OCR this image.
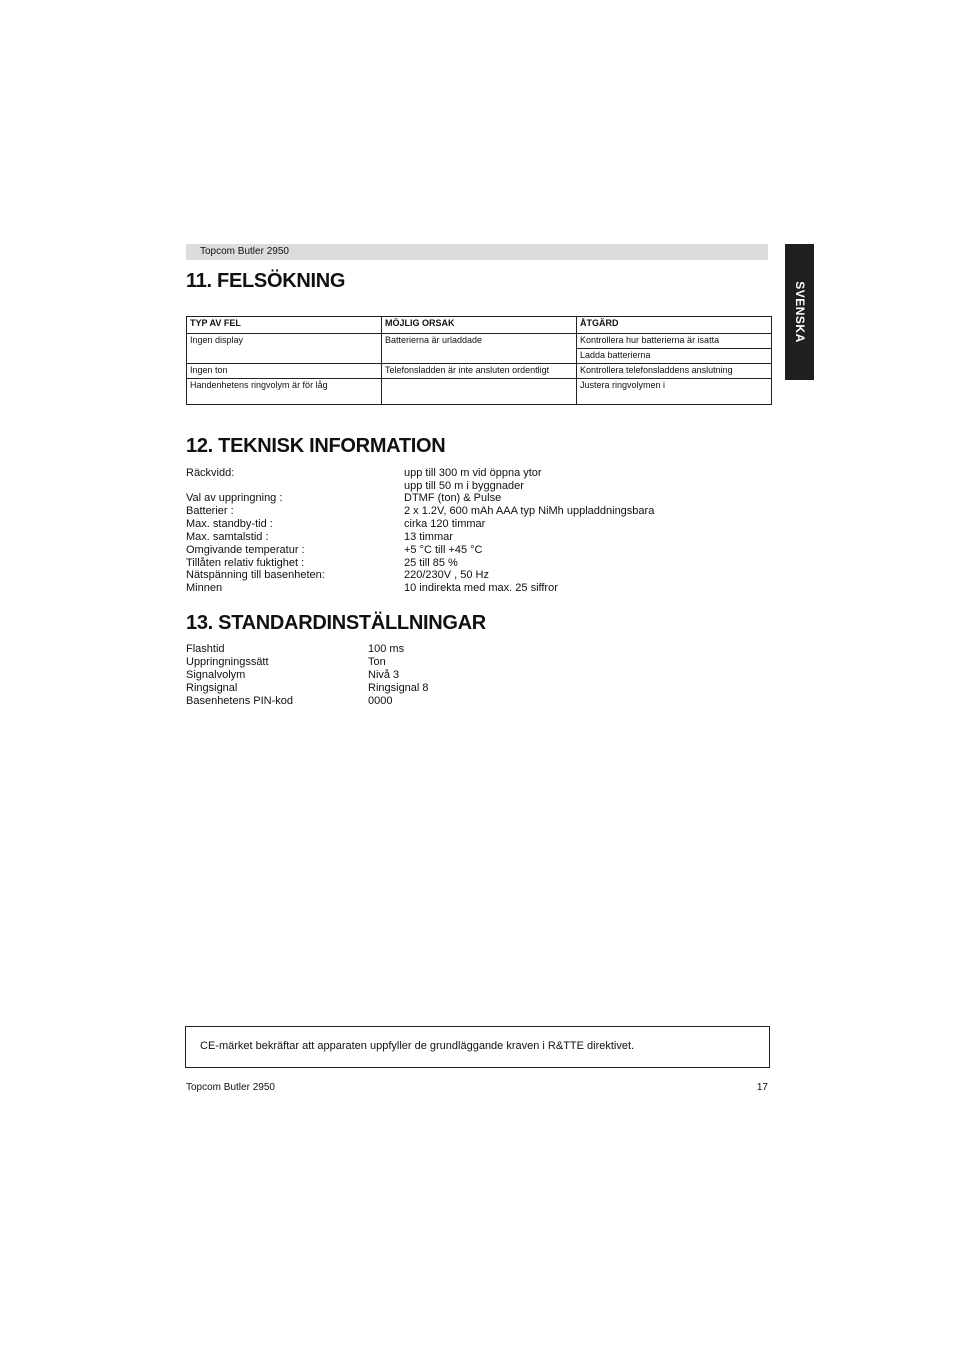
Topcom Butler 2950
SVENSKA
11. FELSÖKNING
TYP AV FEL	MÖJLIG ORSAK	ÅTGÄRD
Ingen display	Batterierna är urladdade	Kontrollera hur batterierna är isatta
		Ladda batterierna
Ingen ton	Telefonsladden är inte ansluten ordentligt	Kontrollera telefonsladdens anslutning
Handenhetens ringvolym är för låg		Justera ringvolymen i
12. TEKNISK INFORMATION
Räckvidd:	upp till 300 m vid öppna ytor
upp till 50 m i byggnader
Val av uppringning :	DTMF (ton) & Pulse
Batterier :	2 x 1.2V, 600 mAh AAA typ NiMh uppladdningsbara
Max. standby-tid :	cirka 120 timmar
Max. samtalstid :	13 timmar
Omgivande temperatur :	+5 °C till +45 °C
Tillåten relativ fuktighet :	25 till 85 %
Nätspänning till basenheten:	220/230V , 50 Hz
Minnen	10 indirekta med max. 25 siffror
13. STANDARDINSTÄLLNINGAR
Flashtid	100 ms
Uppringningssätt	Ton
Signalvolym	Nivå 3
Ringsignal	Ringsignal 8
Basenhetens PIN-kod	0000
CE-märket bekräftar att apparaten uppfyller de grundläggande kraven i R&TTE direktivet.
Topcom Butler 2950	17
